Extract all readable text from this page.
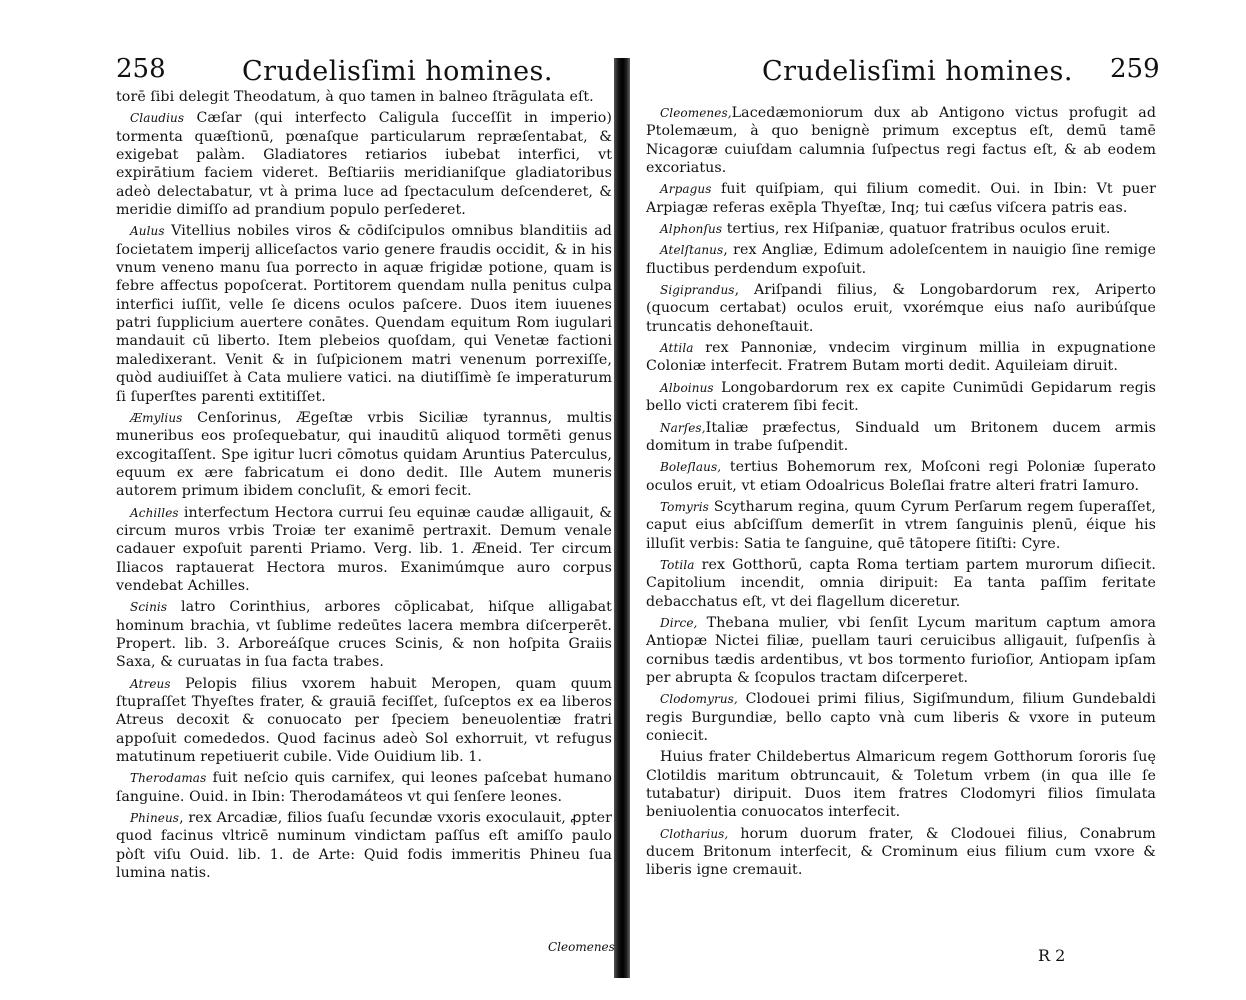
258	Crudelisſimi homines.	Crudelisſimi homines. 259

torē ſibi delegit Theodatum, à quo tamen in balneo ſtrāgulata eſt.

Claudius Cæſar (qui interfecto Caligula ſucceſſit in imperio) tormenta quæſtionū, pœnaſque particularum repræſentabat, & exigebat palàm. Gladiatores retiarios iubebat interfici, vt expirātium faciem videret. Beſtiariis meridianiſque gladiatoribus adeò delectabatur, vt à prima luce ad ſpectaculum deſcenderet, & meridie dimiſſo ad prandium populo perſederet.

Aulus Vitellius nobiles viros & cōdiſcipulos omnibus blanditiis ad ſocietatem imperij alliceſactos vario genere fraudis occidit, & in his vnum veneno manu ſua porrecto in aquæ frigidæ potione, quam is febre affectus popoſcerat. Portitorem quendam nulla penitus culpa interfici iuſſit, velle ſe dicens oculos paſcere. Duos item iuuenes patri ſupplicium auertere conātes. Quendam equitum Rom iugulari mandauit cū liberto. Item plebeios quoſdam, qui Venetæ factioni maledixerant. Venit & in ſuſpicionem matri venenum porrexiſſe, quòd audiuiſſet à Cata muliere vatici. na diutiſſimè ſe imperaturum ſi ſuperſtes parenti extitiſſet.

Æmylius Cenſorinus, Ægeſtæ vrbis Siciliæ tyrannus, multis muneribus eos proſequebatur, qui inauditū aliquod tormēti genus excogitaſſent. Spe igitur lucri cōmotus quidam Aruntius Paterculus, equum ex ære fabricatum ei dono dedit. Ille Autem muneris autorem primum ibidem concluſit, & emori fecit.

Achilles interfectum Hectora currui ſeu equinæ caudæ alligauit, & circum muros vrbis Troiæ ter exanimē pertraxit. Demum venale cadauer expoſuit parenti Priamo. Verg. lib. 1. Æneid. Ter circum Iliacos raptauerat Hectora muros. Exanimúmque auro corpus vendebat Achilles.

Scinis latro Corinthius, arbores cōplicabat, hiſque alligabat hominum brachia, vt ſublime redeūtes lacera membra diſcerperēt. Propert. lib. 3. Arboreáſque cruces Scinis, & non hoſpita Graiis Saxa, & curuatas in ſua facta trabes.

Atreus Pelopis filius vxorem habuit Meropen, quam quum ſtupraſſet Thyeſtes frater, & grauiā feciſſet, ſuſceptos ex ea liberos Atreus decoxit & conuocato per ſpeciem beneuolentiæ fratri appoſuit comededos. Quod facinus adeò Sol exhorruit, vt refugus matutinum repetiuerit cubile. Vide Ouidium lib. 1.

Therodamas fuit neſcio quis carnifex, qui leones paſcebat humano ſanguine. Ouid. in Ibin: Therodamáteos vt qui ſenſere leones.

Phineus, rex Arcadiæ, filios ſuaſu ſecundæ vxoris exoculauit, ꝓpter quod facinus vltricē numinum vindictam paſſus eſt amiſſo paulo pòſt viſu Ouid. lib. 1. de Arte: Quid fodis immeritis Phineu ſua lumina natis.

Cleomenes

Cleomenes,Lacedæmoniorum dux ab Antigono victus profugit ad Ptolemæum, à quo benignè primum exceptus eſt, demū tamē Nicagoræ cuiuſdam calumnia ſuſpectus regi factus eſt, & ab eodem excoriatus.

Arpagus fuit quiſpiam, qui filium comedit. Oui. in Ibin: Vt puer Arpiagæ referas exēpla Thyeſtæ, Inq; tui cæſus viſcera patris eas.

Alphonſus tertius, rex Hiſpaniæ, quatuor fratribus oculos eruit.

Atelſtanus, rex Angliæ, Edimum adoleſcentem in nauigio ſine remige fluctibus perdendum expoſuit.

Sigiprandus, Ariſpandi filius, & Longobardorum rex, Ariperto (quocum certabat) oculos eruit, vxorémque eius naſo auribúſque truncatis dehoneſtauit.

Attila rex Pannoniæ, vndecim virginum millia in expugnatione Coloniæ interfecit. Fratrem Butam morti dedit. Aquileiam diruit.

Alboinus Longobardorum rex ex capite Cunimūdi Gepidarum regis bello victi craterem ſibi fecit.

Narſes,Italiæ præfectus, Sinduald um Britonem ducem armis domitum in trabe ſuſpendit.

Boleſlaus, tertius Bohemorum rex, Moſconi regi Poloniæ ſuperato oculos eruit, vt etiam Odoalricus Boleſlai fratre alteri fratri Iamuro.

Tomyris Scytharum regina, quum Cyrum Perſarum regem ſuperaſſet, caput eius abſciſſum demerſit in vtrem ſanguinis plenū, éique his illuſit verbis: Satia te ſanguine, quē tātopere ſitiſti: Cyre.

Totila rex Gotthorū, capta Roma tertiam partem murorum diſiecit. Capitolium incendit, omnia diripuit: Ea tanta paſſim feritate debacchatus eſt, vt dei flagellum diceretur.

Dirce, Thebana mulier, vbi ſenſit Lycum maritum captum amora Antiopæ Nictei filiæ, puellam tauri ceruicibus alligauit, ſuſpenſis à cornibus tædis ardentibus, vt bos tormento furioſior, Antiopam ipſam per abrupta & ſcopulos tractam diſcerperet.

Clodomyrus, Clodouei primi filius, Sigiſmundum, filium Gundebaldi regis Burgundiæ, bello capto vnà cum liberis & vxore in puteum coniecit.

Huius frater Childebertus Almaricum regem Gotthorum ſororis ſuę Clotildis maritum obtruncauit, & Toletum vrbem (in qua ille ſe tutabatur) diripuit. Duos item fratres Clodomyri filios ſimulata beniuolentia conuocatos interfecit.

Clotharius, horum duorum frater, & Clodouei filius, Conabrum ducem Britonum interfecit, & Crominum eius filium cum vxore & liberis igne cremauit.

R 2
